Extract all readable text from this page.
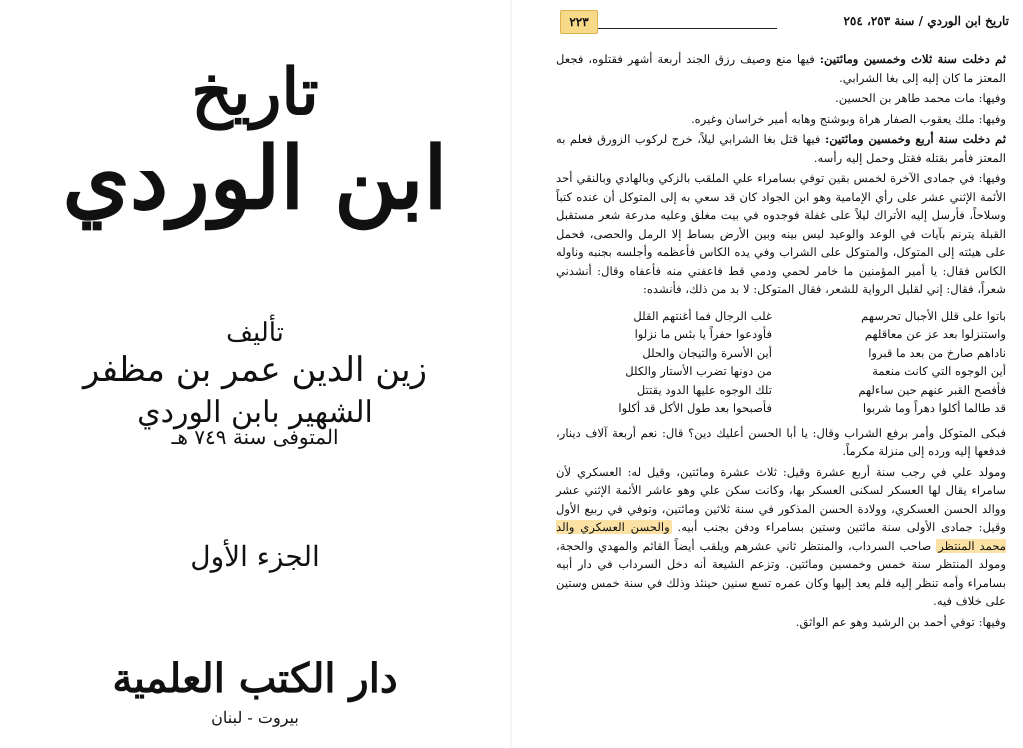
تاريخ
ابن الوردي
تأليف
زين الدين عمر بن مظفر
الشهير بابن الوردي
المتوفى سنة ٧٤٩ هـ
الجزء الأول
دار الكتب العلمية
بيروت - لبنان
٢٢٣	تاريخ ابن الوردي / سنة ٢٥٣، ٢٥٤

ثم دخلت سنة ثلاث وخمسين ومائتين: فيها منع وصيف رزق الجند أربعة أشهر فقتلوه، فجعل المعتز ما كان إليه إلى بغا الشرابي.

وفيها: مات محمد طاهر بن الحسين.

وفيها: ملك يعقوب الصفار هراة وبوشنج وهابه أمير خراسان وغيره.

ثم دخلت سنة أربع وخمسين ومائتين: فيها قتل بغا الشرابي ليلاً، خرج لركوب الزورق فعلم به المعتز فأمر بقتله فقتل وحمل إليه رأسه.

وفيها: في جمادى الآخرة لخمس بقين توفي بسامراء علي الملقب بالزكي وبالهادي وبالنقي أحد الأئمة الإثني عشر على رأي الإمامية وهو ابن الجواد كان قد سعي به إلى المتوكل أن عنده كتباً وسلاحاً، فأرسل إليه الأتراك ليلاً على غفلة فوجدوه في بيت مغلق وعليه مدرعة شعر مستقبل القبلة يترنم بآيات في الوعد والوعيد ليس بينه وبين الأرض بساط إلا الرمل والحصى، فحمل على هيئته إلى المتوكل، والمتوكل على الشراب وفي يده الكاس فأعظمه وأجلسه بجنبه وناوله الكاس فقال: يا أمير المؤمنين ما خامر لحمي ودمي قط فاعفني منه فأعفاه وقال: أنشدني شعراً، فقال: إني لقليل الرواية للشعر، فقال المتوكل: لا بد من ذلك، فأنشده:

باتوا على قلل الأجبال تحرسهم
غلب الرجال فما أغنتهم القلل
واستنزلوا بعد عز عن معاقلهم
فأودعوا حفراً يا بئس ما نزلوا
ناداهم صارخ من بعد ما قبروا
أين الأسرة والتيجان والحلل
أين الوجوه التي كانت منعمة
من دونها تضرب الأستار والكلل
فأفصح القبر عنهم حين ساءلهم
تلك الوجوه عليها الدود يقتتل
قد طالما أكلوا دهراً وما شربوا
فأصبحوا بعد طول الأكل قد أكلوا

فبكى المتوكل وأمر برفع الشراب وقال: يا أبا الحسن أعليك دين؟ قال: نعم أربعة آلاف دينار، فدفعها إليه ورده إلى منزلة مكرماً.

ومولد علي في رجب سنة أربع عشرة وقيل: ثلاث عشرة ومائتين، وقيل له: العسكري لأن سامراء يقال لها العسكر لسكنى العسكر بها، وكانت سكن علي وهو عاشر الأئمة الإثني عشر ووالد الحسن العسكري، وولادة الحسن المذكور في سنة ثلاثين ومائتين، وتوفي في ربيع الأول وقيل: جمادى الأولى سنة مائتين وستين بسامراء ودفن بجنب أبيه. والحسن العسكري والد محمد المنتظر صاحب السرداب، والمنتظر ثاني عشرهم ويلقب أيضاً القائم والمهدي والحجة، ومولد المنتظر سنة خمس وخمسين ومائتين. وتزعم الشيعة أنه دخل السرداب في دار أبيه بسامراء وأمه تنظر إليه فلم يعد إليها وكان عمره تسع سنين حينئذ وذلك في سنة خمس وستين على خلاف فيه.

وفيها: توفي أحمد بن الرشيد وهو عم الواثق.
